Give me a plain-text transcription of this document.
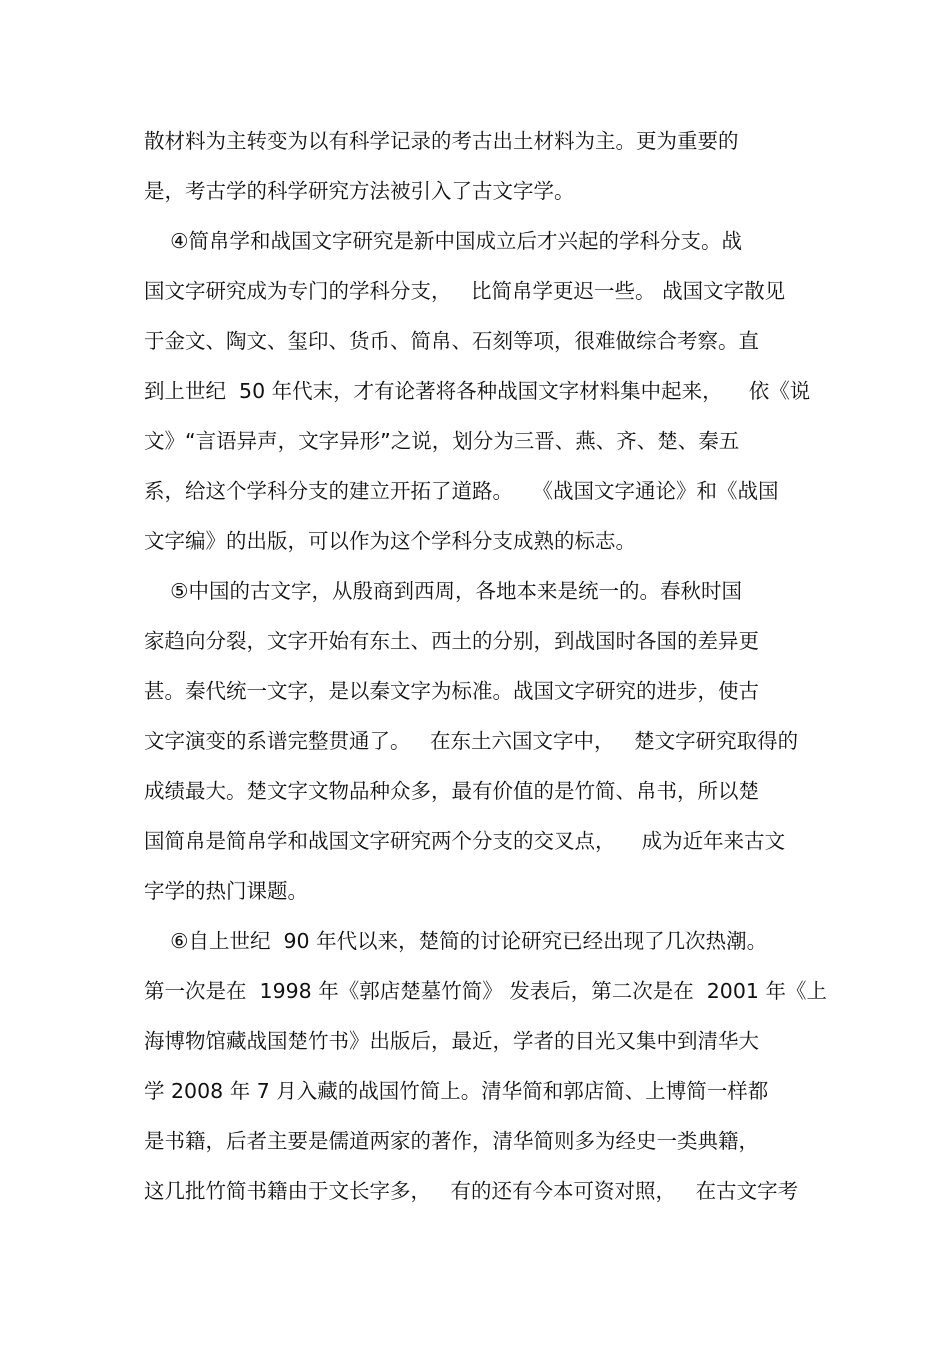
散材料为主转变为以有科学记录的考古出土材料为主。更为重要的
是，考古学的科学研究方法被引入了古文字学。
④简帛学和战国文字研究是新中国成立后才兴起的学科分支。战
国文字研究成为专门的学科分支，   比简帛学更迟一些。 战国文字散见
于金文、陶文、玺印、货币、简帛、石刻等项，很难做综合考察。直
到上世纪  50 年代末，才有论著将各种战国文字材料集中起来，    依《说
文》“言语异声，文字异形”之说，划分为三晋、燕、齐、楚、秦五
系，给这个学科分支的建立开拓了道路。   《战国文字通论》和《战国
文字编》的出版，可以作为这个学科分支成熟的标志。
⑤中国的古文字，从殷商到西周，各地本来是统一的。春秋时国
家趋向分裂，文字开始有东土、西土的分别，到战国时各国的差异更
甚。秦代统一文字，是以秦文字为标准。战国文字研究的进步，使古
文字演变的系谱完整贯通了。   在东土六国文字中，   楚文字研究取得的
成绩最大。楚文字文物品种众多，最有价值的是竹简、帛书，所以楚
国简帛是简帛学和战国文字研究两个分支的交叉点，    成为近年来古文
字学的热门课题。
⑥自上世纪  90 年代以来，楚简的讨论研究已经出现了几次热潮。
第一次是在  1998 年《郭店楚墓竹简》 发表后，第二次是在  2001 年《上
海博物馆藏战国楚竹书》出版后，最近，学者的目光又集中到清华大
学 2008 年 7 月入藏的战国竹简上。清华简和郭店简、上博简一样都
是书籍，后者主要是儒道两家的著作，清华简则多为经史一类典籍，
这几批竹简书籍由于文长字多，   有的还有今本可资对照，   在古文字考
